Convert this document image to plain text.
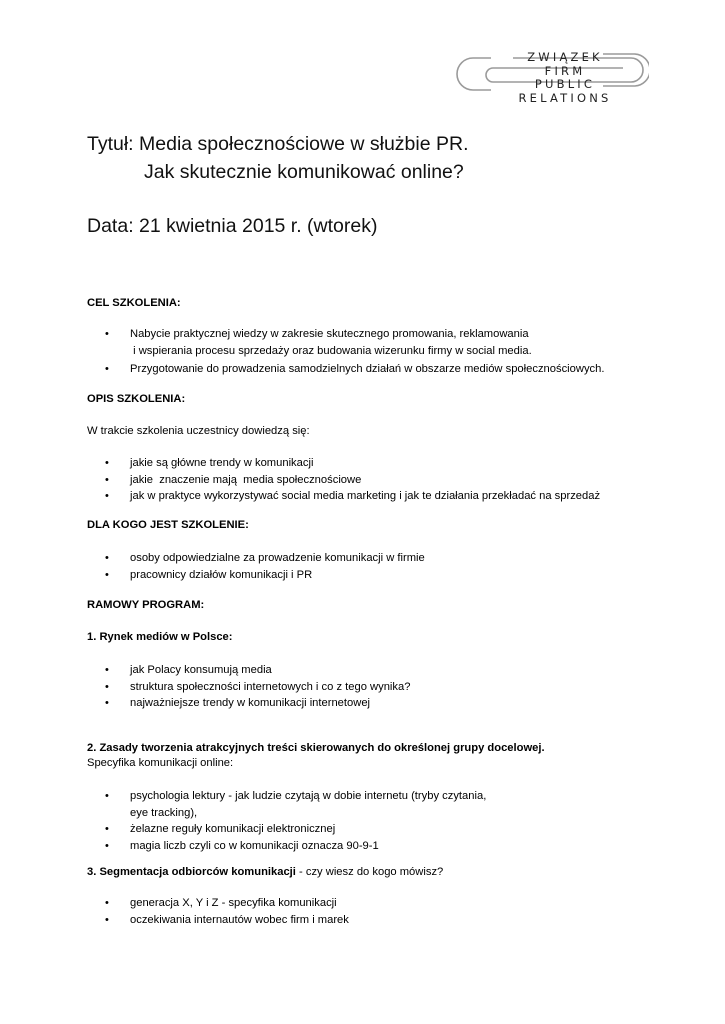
ZWIĄZEK
FIRM
PUBLIC
RELATIONS
Tytuł: Media społecznościowe w służbie PR.
Jak skutecznie komunikować online?
Data: 21 kwietnia 2015 r. (wtorek)
CEL SZKOLENIA:
• Nabycie praktycznej wiedzy w zakresie skutecznego promowania, reklamowania
i wspierania procesu sprzedaży oraz budowania wizerunku firmy w social media.
• Przygotowanie do prowadzenia samodzielnych działań w obszarze mediów społecznościowych.
OPIS SZKOLENIA:
W trakcie szkolenia uczestnicy dowiedzą się:
• jakie są główne trendy w komunikacji
• jakie  znaczenie mają  media społecznościowe
• jak w praktyce wykorzystywać social media marketing i jak te działania przekładać na sprzedaż
DLA KOGO JEST SZKOLENIE:
• osoby odpowiedzialne za prowadzenie komunikacji w firmie
• pracownicy działów komunikacji i PR
RAMOWY PROGRAM:
1. Rynek mediów w Polsce:
• jak Polacy konsumują media
• struktura społeczności internetowych i co z tego wynika?
• najważniejsze trendy w komunikacji internetowej
2. Zasady tworzenia atrakcyjnych treści skierowanych do określonej grupy docelowej.
Specyfika komunikacji online:
• psychologia lektury - jak ludzie czytają w dobie internetu (tryby czytania,
eye tracking),
• żelazne reguły komunikacji elektronicznej
• magia liczb czyli co w komunikacji oznacza 90-9-1
3. Segmentacja odbiorców komunikacji - czy wiesz do kogo mówisz?
• generacja X, Y i Z - specyfika komunikacji
• oczekiwania internautów wobec firm i marek
